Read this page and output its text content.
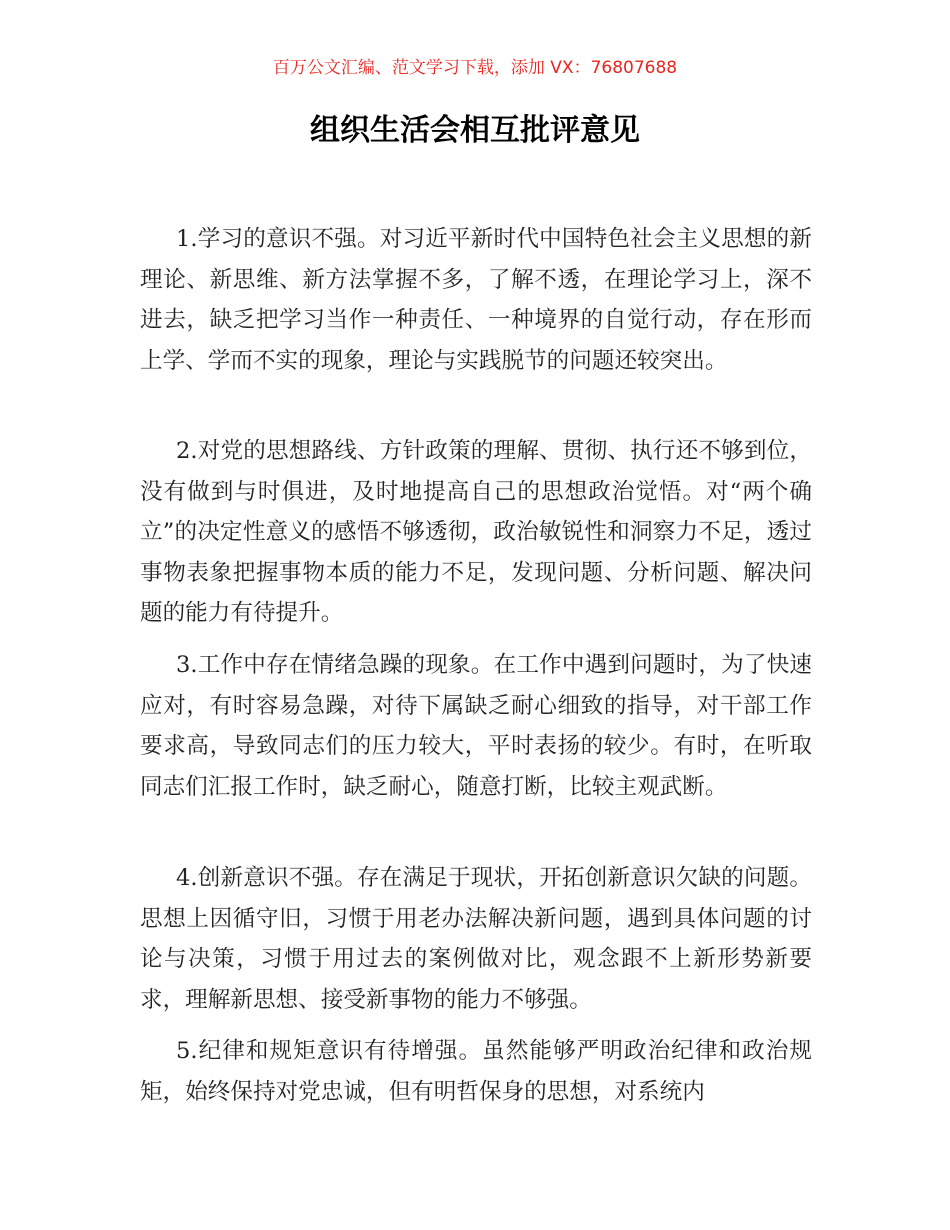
百万公文汇编、范文学习下载，添加 VX：76807688
组织生活会相互批评意见

1.学习的意识不强。对习近平新时代中国特色社会主义思想的新理论、新思维、新方法掌握不多，了解不透，在理论学习上，深不进去，缺乏把学习当作一种责任、一种境界的自觉行动，存在形而上学、学而不实的现象，理论与实践脱节的问题还较突出。

2.对党的思想路线、方针政策的理解、贯彻、执行还不够到位，没有做到与时俱进，及时地提高自己的思想政治觉悟。对“两个确立”的决定性意义的感悟不够透彻，政治敏锐性和洞察力不足，透过事物表象把握事物本质的能力不足，发现问题、分析问题、解决问题的能力有待提升。

3.工作中存在情绪急躁的现象。在工作中遇到问题时，为了快速应对，有时容易急躁，对待下属缺乏耐心细致的指导，对干部工作要求高，导致同志们的压力较大，平时表扬的较少。有时，在听取同志们汇报工作时，缺乏耐心，随意打断，比较主观武断。

4.创新意识不强。存在满足于现状，开拓创新意识欠缺的问题。思想上因循守旧，习惯于用老办法解决新问题，遇到具体问题的讨论与决策，习惯于用过去的案例做对比，观念跟不上新形势新要求，理解新思想、接受新事物的能力不够强。

5.纪律和规矩意识有待增强。虽然能够严明政治纪律和政治规矩，始终保持对党忠诚，但有明哲保身的思想，对系统内
